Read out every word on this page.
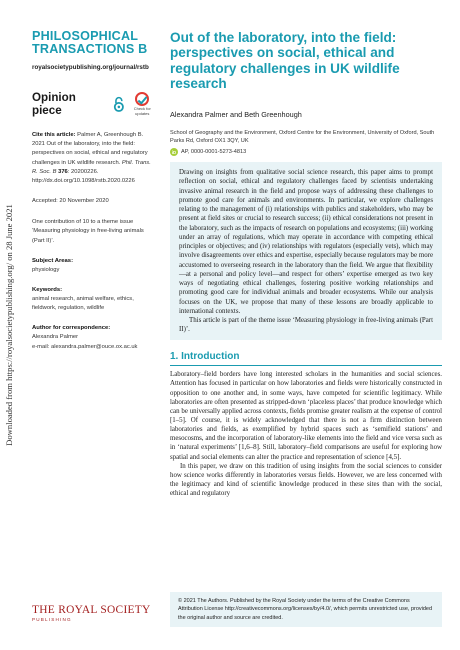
Downloaded from https://royalsocietypublishing.org/ on 28 June 2021
PHILOSOPHICAL
TRANSACTIONS B
royalsocietypublishing.org/journal/rstb
Opinion piece	Check for
updates
Cite this article: Palmer A, Greenhough B. 2021 Out of the laboratory, into the field: perspectives on social, ethical and regulatory challenges in UK wildlife research. Phil. Trans. R. Soc. B 376: 20200226. http://dx.doi.org/10.1098/rstb.2020.0226
Accepted: 20 November 2020
One contribution of 10 to a theme issue ‘Measuring physiology in free-living animals (Part II)’.
Subject Areas:
physiology
Keywords:
animal research, animal welfare, ethics, fieldwork, regulation, wildlife
Author for correspondence:
Alexandra Palmer
e-mail: alexandra.palmer@ouce.ox.ac.uk
THE ROYAL SOCIETY
PUBLISHING
Out of the laboratory, into the field: perspectives on social, ethical and regulatory challenges in UK wildlife research
Alexandra Palmer and Beth Greenhough
School of Geography and the Environment, Oxford Centre for the Environment, University of Oxford, South Parks Rd, Oxford OX1 3QY, UK
iD AP, 0000-0001-5273-4813

Drawing on insights from qualitative social science research, this paper aims to prompt reflection on social, ethical and regulatory challenges faced by scientists undertaking invasive animal research in the field and propose ways of addressing these challenges to promote good care for animals and environments. In particular, we explore challenges relating to the management of (i) relationships with publics and stakeholders, who may be present at field sites or crucial to research success; (ii) ethical considerations not present in the laboratory, such as the impacts of research on populations and ecosystems; (iii) working under an array of regulations, which may operate in accordance with competing ethical principles or objectives; and (iv) relationships with regulators (especially vets), which may involve disagreements over ethics and expertise, especially because regulators may be more accustomed to overseeing research in the laboratory than the field. We argue that flexibility—at a personal and policy level—and respect for others’ expertise emerged as two key ways of negotiating ethical challenges, fostering positive working relationships and promoting good care for individual animals and broader ecosystems. While our analysis focuses on the UK, we propose that many of these lessons are broadly applicable to international contexts.

This article is part of the theme issue ‘Measuring physiology in free-living animals (Part II)’.

1. Introduction

Laboratory–field borders have long interested scholars in the humanities and social sciences. Attention has focused in particular on how laboratories and fields were historically constructed in opposition to one another and, in some ways, have competed for scientific legitimacy. While laboratories are often presented as stripped-down ‘placeless places’ that produce knowledge which can be universally applied across contexts, fields promise greater realism at the expense of control [1–5]. Of course, it is widely acknowledged that there is not a firm distinction between laboratories and fields, as exemplified by hybrid spaces such as ‘semifield stations’ and mesocosms, and the incorporation of laboratory-like elements into the field and vice versa such as in ‘natural experiments’ [1,6–8]. Still, laboratory–field comparisons are useful for exploring how spatial and social elements can alter the practice and representation of science [4,5].

In this paper, we draw on this tradition of using insights from the social sciences to consider how science works differently in laboratories versus fields. However, we are less concerned with the legitimacy and kind of scientific knowledge produced in these sites than with the social, ethical and regulatory

© 2021 The Authors. Published by the Royal Society under the terms of the Creative Commons Attribution License http://creativecommons.org/licenses/by/4.0/, which permits unrestricted use, provided the original author and source are credited.
